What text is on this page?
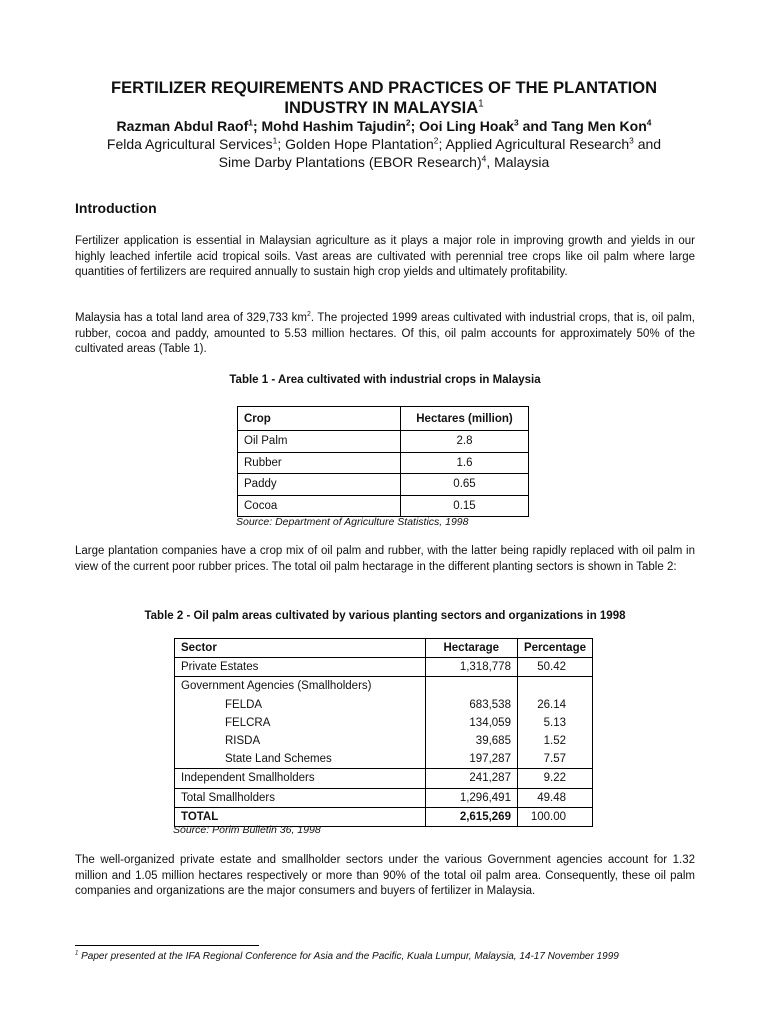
FERTILIZER REQUIREMENTS AND PRACTICES OF THE PLANTATION
INDUSTRY IN MALAYSIA$^1$
Razman Abdul Raof$^1$; Mohd Hashim Tajudin$^2$; Ooi Ling Hoak$^3$ and Tang Men Kon$^4$
Felda Agricultural Services$^1$; Golden Hope Plantation$^2$; Applied Agricultural Research$^3$ and
Sime Darby Plantations (EBOR Research)$^4$, Malaysia
Introduction

Fertilizer application is essential in Malaysian agriculture as it plays a major role in improving growth and yields in our highly leached infertile acid tropical soils. Vast areas are cultivated with perennial tree crops like oil palm where large quantities of fertilizers are required annually to sustain high crop yields and ultimately profitability.

Malaysia has a total land area of 329,733 $km^2$. The projected 1999 areas cultivated with industrial crops, that is, oil palm, rubber, cocoa and paddy, amounted to 5.53 million hectares. Of this, oil palm accounts for approximately 50% of the cultivated areas (Table 1).

Table 1 - Area cultivated with industrial crops in Malaysia

Crop	Hectares (million)
Oil Palm	2.8
Rubber	1.6
Paddy	0.65
Cocoa	0.15

Source: Department of Agriculture Statistics, 1998

Large plantation companies have a crop mix of oil palm and rubber, with the latter being rapidly replaced with oil palm in view of the current poor rubber prices. The total oil palm hectarage in the different planting sectors is shown in Table 2:

Table 2 - Oil palm areas cultivated by various planting sectors and organizations in 1998

Sector	Hectarage	Percentage
Private Estates	1,318,778	50.42
Government Agencies (Smallholders)		
FELDA	683,538	26.14
FELCRA	134,059	5.13
RISDA	39,685	1.52
State Land Schemes	197,287	7.57
Independent Smallholders	241,287	9.22
Total Smallholders	1,296,491	49.48
TOTAL	2,615,269	100.00

Source: Porim Bulletin 36, 1998

The well-organized private estate and smallholder sectors under the various Government agencies account for 1.32 million and 1.05 million hectares respectively or more than 90% of the total oil palm area. Consequently, these oil palm companies and organizations are the major consumers and buyers of fertilizer in Malaysia.

$^1$ Paper presented at the IFA Regional Conference for Asia and the Pacific, Kuala Lumpur, Malaysia, 14-17 November 1999
